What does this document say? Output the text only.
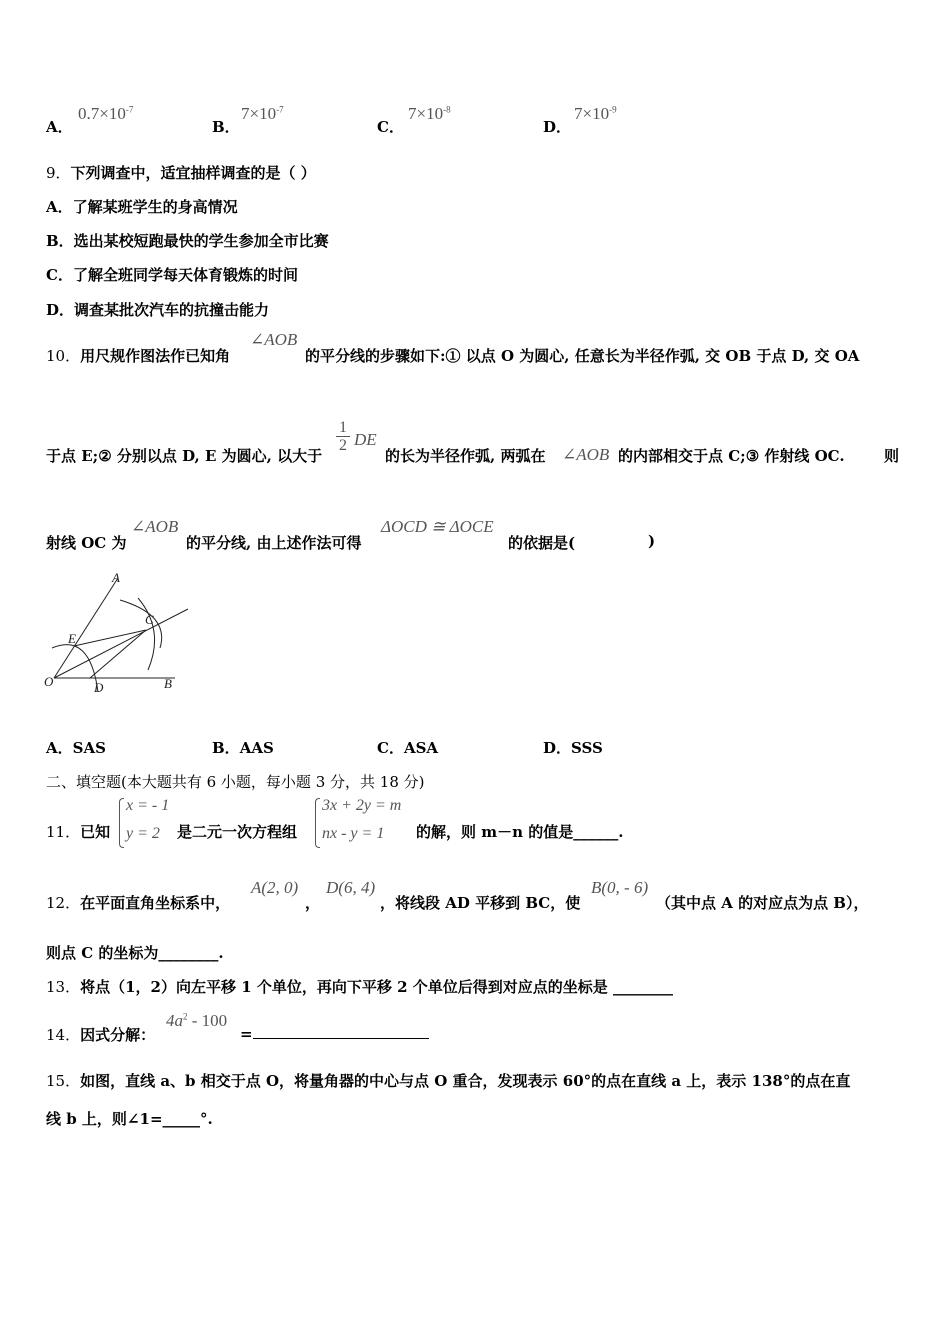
A．
$0.7\times 10^{-7}$
B．
$7\times 10^{-7}$
C．
$7\times 10^{-8}$
D．
$7\times 10^{-9}$
9．下列调查中，适宜抽样调查的是（ ）
A．了解某班学生的身高情况
B．选出某校短跑最快的学生参加全市比赛
C．了解全班同学每天体育锻炼的时间
D．调查某批次汽车的抗撞击能力
10．用尺规作图法作已知角
∠AOB
的平分线的步骤如下:① 以点 O 为圆心, 任意长为半径作弧, 交 OB 于点 D, 交 OA
于点 E;② 分别以点 D, E 为圆心, 以大于
$\frac{1}{2}$ DE
的长为半径作弧, 两弧在 ∠AOB 的内部相交于点 C;③ 作射线 OC.	则
射线 OC 为
∠AOB
的平分线, 由上述作法可得
ΔOCD ≅ ΔOCE
的依据是(	)
A
E
C
O	D	B
A．SAS	B．AAS	C．ASA	D．SSS
二、填空题(本大题共有 6 小题，每小题 3 分，共 18 分)
11．已知
x = - 1
y = 2 是二元一次方程组
3x + 2y = m
nx - y = 1 的解，则 m－n 的值是______.
12．在平面直角坐标系中，
A(2, 0)
，
D(6, 4)
，将线段 AD 平移到 BC，使
B(0, - 6)
（其中点 A 的对应点为点 B），
则点 C 的坐标为________.
13．将点（1，2）向左平移 1 个单位，再向下平移 2 个单位后得到对应点的坐标是 ________
14．因式分解：
$4a^2 - 100$
=
15．如图，直线 a、b 相交于点 O，将量角器的中心与点 O 重合，发现表示 60°的点在直线 a 上，表示 138°的点在直
线 b 上，则∠1=_____°.
